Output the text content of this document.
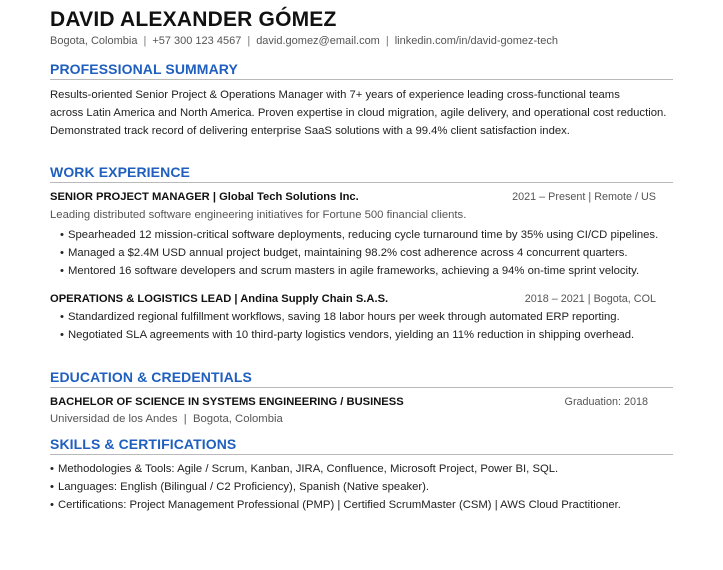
DAVID ALEXANDER GÓMEZ
Bogota, Colombia | +57 300 123 4567 | david.gomez@email.com | linkedin.com/in/david-gomez-tech
PROFESSIONAL SUMMARY
Results-oriented Senior Project & Operations Manager with 7+ years of experience leading cross-functional teams
across Latin America and North America. Proven expertise in cloud migration, agile delivery, and operational cost reduction.
Demonstrated track record of delivering enterprise SaaS solutions with a 99.4% client satisfaction index.
WORK EXPERIENCE
SENIOR PROJECT MANAGER | Global Tech Solutions Inc.	2021 – Present | Remote / US
Leading distributed software engineering initiatives for Fortune 500 financial clients.
• Spearheaded 12 mission-critical software deployments, reducing cycle turnaround time by 35% using CI/CD pipelines.
• Managed a $2.4M USD annual project budget, maintaining 98.2% cost adherence across 4 concurrent quarters.
• Mentored 16 software developers and scrum masters in agile frameworks, achieving a 94% on-time sprint velocity.
OPERATIONS & LOGISTICS LEAD | Andina Supply Chain S.A.S.	2018 – 2021 | Bogota, COL
• Standardized regional fulfillment workflows, saving 18 labor hours per week through automated ERP reporting.
• Negotiated SLA agreements with 10 third-party logistics vendors, yielding an 11% reduction in shipping overhead.
EDUCATION & CREDENTIALS
BACHELOR OF SCIENCE IN SYSTEMS ENGINEERING / BUSINESS	Graduation: 2018
Universidad de los Andes  |  Bogota, Colombia
SKILLS & CERTIFICATIONS
• Methodologies & Tools: Agile / Scrum, Kanban, JIRA, Confluence, Microsoft Project, Power BI, SQL.
• Languages: English (Bilingual / C2 Proficiency), Spanish (Native speaker).
• Certifications: Project Management Professional (PMP) | Certified ScrumMaster (CSM) | AWS Cloud Practitioner.
